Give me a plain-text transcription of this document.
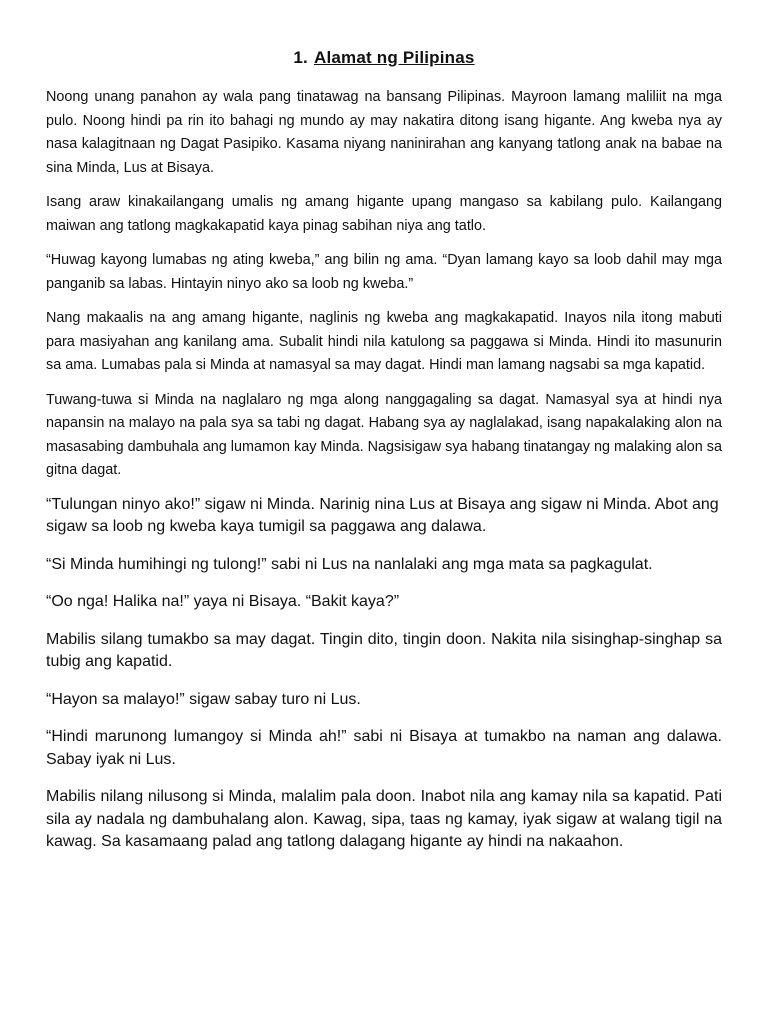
1. Alamat ng Pilipinas

Noong unang panahon ay wala pang tinatawag na bansang Pilipinas. Mayroon lamang maliliit na mga pulo. Noong hindi pa rin ito bahagi ng mundo ay may nakatira ditong isang higante. Ang kweba nya ay nasa kalagitnaan ng Dagat Pasipiko. Kasama niyang naninirahan ang kanyang tatlong anak na babae na sina Minda, Lus at Bisaya.

Isang araw kinakailangang umalis ng amang higante upang mangaso sa kabilang pulo. Kailangang maiwan ang tatlong magkakapatid kaya pinag sabihan niya ang tatlo.

“Huwag kayong lumabas ng ating kweba,” ang bilin ng ama. “Dyan lamang kayo sa loob dahil may mga panganib sa labas. Hintayin ninyo ako sa loob ng kweba.”

Nang makaalis na ang amang higante, naglinis ng kweba ang magkakapatid. Inayos nila itong mabuti para masiyahan ang kanilang ama. Subalit hindi nila katulong sa paggawa si Minda. Hindi ito masunurin sa ama. Lumabas pala si Minda at namasyal sa may dagat. Hindi man lamang nagsabi sa mga kapatid.

Tuwang-tuwa si Minda na naglalaro ng mga along nanggagaling sa dagat. Namasyal sya at hindi nya napansin na malayo na pala sya sa tabi ng dagat. Habang sya ay naglalakad, isang napakalaking alon na masasabing dambuhala ang lumamon kay Minda. Nagsisigaw sya habang tinatangay ng malaking alon sa gitna dagat.

“Tulungan ninyo ako!” sigaw ni Minda. Narinig nina Lus at Bisaya ang sigaw ni Minda. Abot ang sigaw sa loob ng kweba kaya tumigil sa paggawa ang dalawa.

“Si Minda humihingi ng tulong!” sabi ni Lus na nanlalaki ang mga mata sa pagkagulat.

“Oo nga! Halika na!” yaya ni Bisaya. “Bakit kaya?”

Mabilis silang tumakbo sa may dagat. Tingin dito, tingin doon. Nakita nila sisinghap-singhap sa tubig ang kapatid.

“Hayon sa malayo!” sigaw sabay turo ni Lus.

“Hindi marunong lumangoy si Minda ah!” sabi ni Bisaya at tumakbo na naman ang dalawa. Sabay iyak ni Lus.

Mabilis nilang nilusong si Minda, malalim pala doon. Inabot nila ang kamay nila sa kapatid. Pati sila ay nadala ng dambuhalang alon. Kawag, sipa, taas ng kamay, iyak sigaw at walang tigil na kawag. Sa kasamaang palad ang tatlong dalagang higante ay hindi na nakaahon.
